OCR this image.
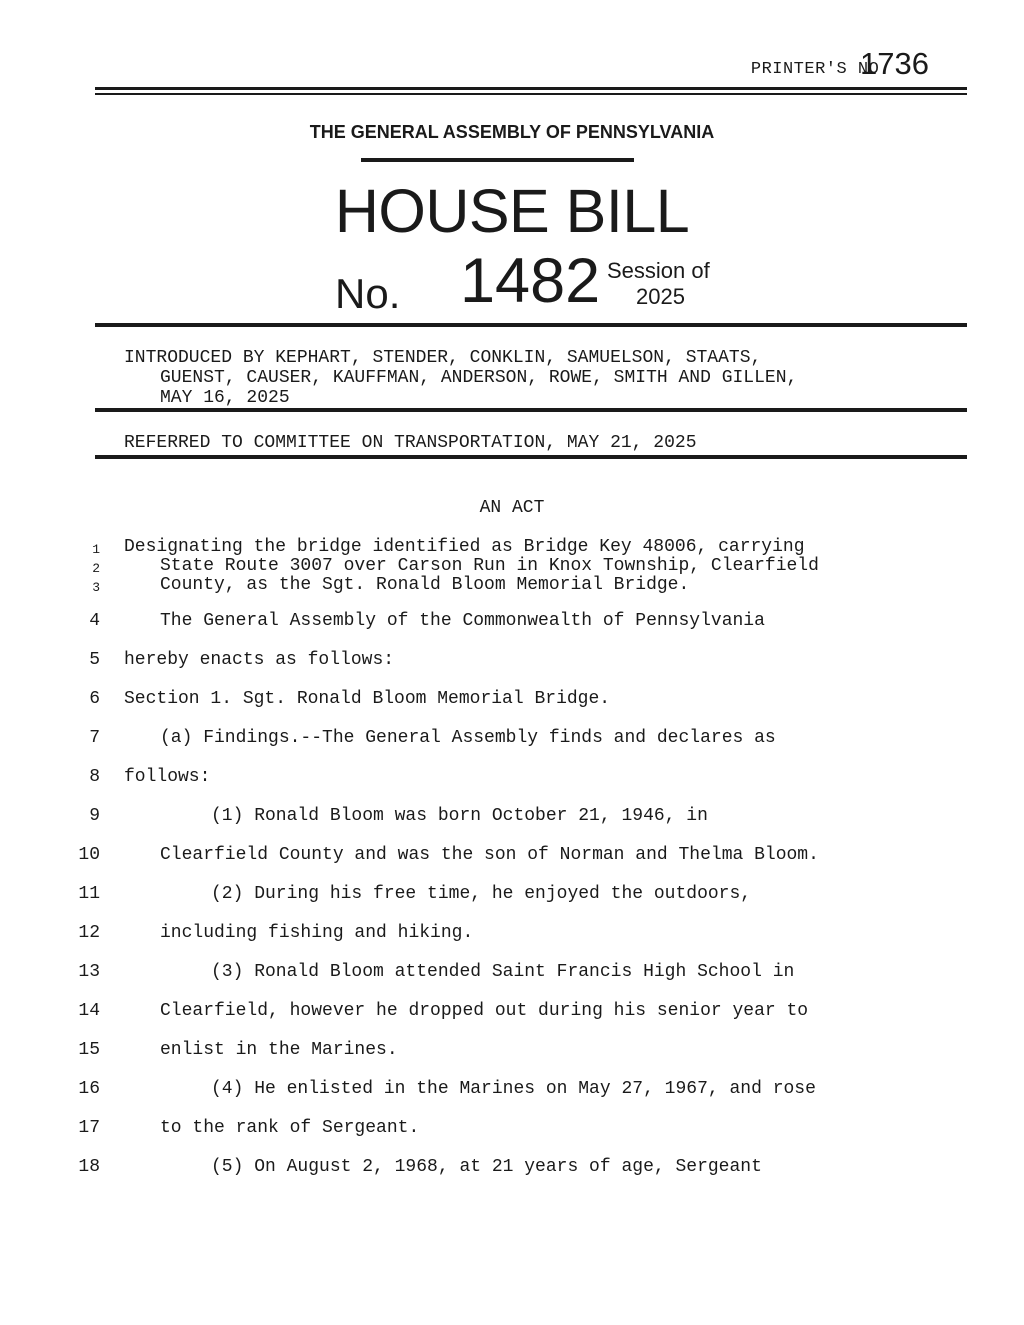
PRINTER'S NO.
1736
THE GENERAL ASSEMBLY OF PENNSYLVANIA
HOUSE BILL
No. 1482 Session of
2025
INTRODUCED BY KEPHART, STENDER, CONKLIN, SAMUELSON, STAATS,
GUENST, CAUSER, KAUFFMAN, ANDERSON, ROWE, SMITH AND GILLEN,
MAY 16, 2025
REFERRED TO COMMITTEE ON TRANSPORTATION, MAY 21, 2025
AN ACT
1 Designating the bridge identified as Bridge Key 48006, carrying
2	State Route 3007 over Carson Run in Knox Township, Clearfield
3	County, as the Sgt. Ronald Bloom Memorial Bridge.
4	The General Assembly of the Commonwealth of Pennsylvania
5 hereby enacts as follows:
6 Section 1. Sgt. Ronald Bloom Memorial Bridge.
7	(a) Findings.--The General Assembly finds and declares as
8 follows:
9	(1) Ronald Bloom was born October 21, 1946, in
10	Clearfield County and was the son of Norman and Thelma Bloom.
11	(2) During his free time, he enjoyed the outdoors,
12	including fishing and hiking.
13	(3) Ronald Bloom attended Saint Francis High School in
14	Clearfield, however he dropped out during his senior year to
15	enlist in the Marines.
16	(4) He enlisted in the Marines on May 27, 1967, and rose
17	to the rank of Sergeant.
18	(5) On August 2, 1968, at 21 years of age, Sergeant
